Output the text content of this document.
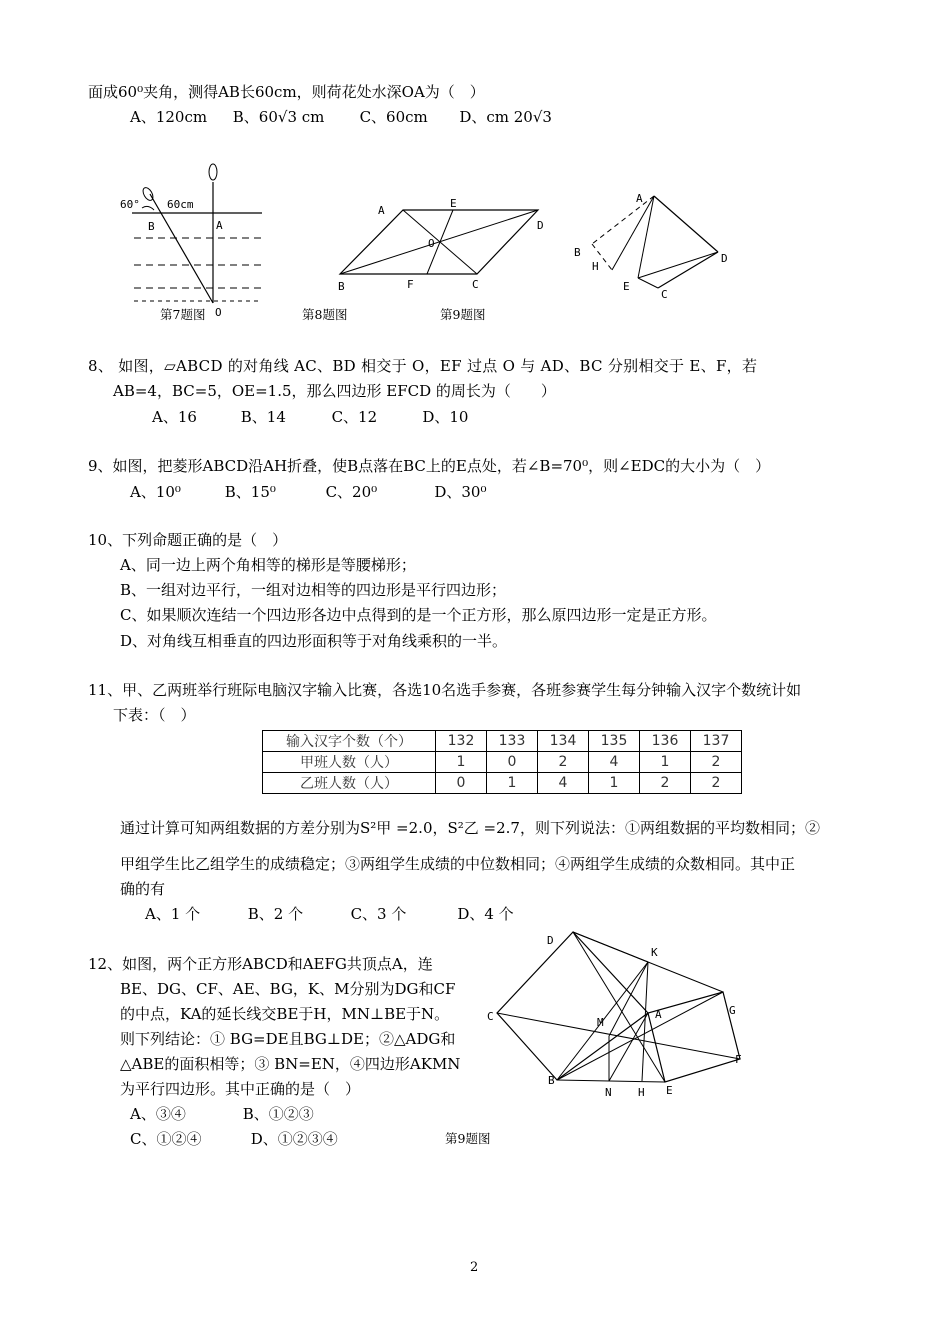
面成60⁰夹角，测得AB长60cm，则荷花处水深OA为（　）
A、120cm B、60√3 cm C、60cm D、cm 20√3
60° 60cm
B	A
O
A
E
D
O
B	F	C
A
B
H
E
C
D
第7题图	第8题图	第9题图
8、 如图，▱ABCD 的对角线 AC、BD 相交于 O，EF 过点 O 与 AD、BC 分别相交于 E、F，若
AB=4，BC=5，OE=1.5，那么四边形 EFCD 的周长为（　　）
A、16	B、14	C、12	D、10
9、如图，把菱形ABCD沿AH折叠，使B点落在BC上的E点处，若∠B=70⁰，则∠EDC的大小为（　）
A、10⁰	B、15⁰	C、20⁰	D、30⁰
10、下列命题正确的是（　）
A、同一边上两个角相等的梯形是等腰梯形；
B、一组对边平行，一组对边相等的四边形是平行四边形；
C、如果顺次连结一个四边形各边中点得到的是一个正方形，那么原四边形一定是正方形。
D、对角线互相垂直的四边形面积等于对角线乘积的一半。
11、甲、乙两班举行班际电脑汉字输入比赛，各选10名选手参赛，各班参赛学生每分钟输入汉字个数统计如
下表：（　）
输入汉字个数（个）	132	133	134	135	136	137
甲班人数（人）	1	0	2	4	1	2
乙班人数（人）	0	1	4	1	2	2
通过计算可知两组数据的方差分别为S²甲 =2.0，S²乙 =2.7，则下列说法：①两组数据的平均数相同；②
甲组学生比乙组学生的成绩稳定；③两组学生成绩的中位数相同；④两组学生成绩的众数相同。其中正
确的有
A、1 个	B、2 个	C、3 个	D、4 个
12、如图，两个正方形ABCD和AEFG共顶点A，连
BE、DG、CF、AE、BG，K、M分别为DG和CF
的中点，KA的延长线交BE于H，MN⊥BE于N。
则下列结论：① BG=DE且BG⊥DE；②△ADG和
△ABE的面积相等；③ BN=EN，④四边形AKMN
为平行四边形。其中正确的是（　）
A、③④	B、①②③
C、①②④	D、①②③④	第9题图
D
K
G
C	M
A
F
B
N H E
2
